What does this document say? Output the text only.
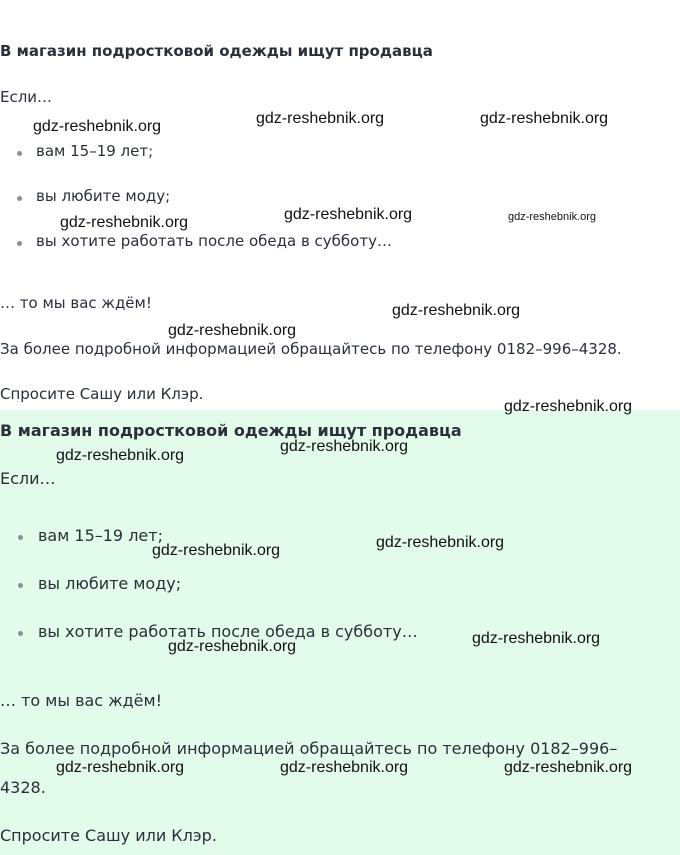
В магазин подростковой одежды ищут продавца

Если…

вам 15–19 лет;

вы любите моду;

вы хотите работать после обеда в субботу…

… то мы вас ждём!

За более подробной информацией обращайтесь по телефону 0182–996–4328.

Спросите Сашу или Клэр.

В магазин подростковой одежды ищут продавца

Если…

вам 15–19 лет;

вы любите моду;

вы хотите работать после обеда в субботу…

… то мы вас ждём!

За более подробной информацией обращайтесь по телефону 0182–996–

4328.

Спросите Сашу или Клэр.

gdz-reshebnik.org	gdz-reshebnik.org	gdz-reshebnik.org
gdz-reshebnik.org	gdz-reshebnik.org	gdz-reshebnik.org
gdz-reshebnik.org
gdz-reshebnik.org
gdz-reshebnik.org
gdz-reshebnik.org
gdz-reshebnik.org
gdz-reshebnik.org
gdz-reshebnik.org
gdz-reshebnik.org
gdz-reshebnik.org
gdz-reshebnik.org	gdz-reshebnik.org	gdz-reshebnik.org
